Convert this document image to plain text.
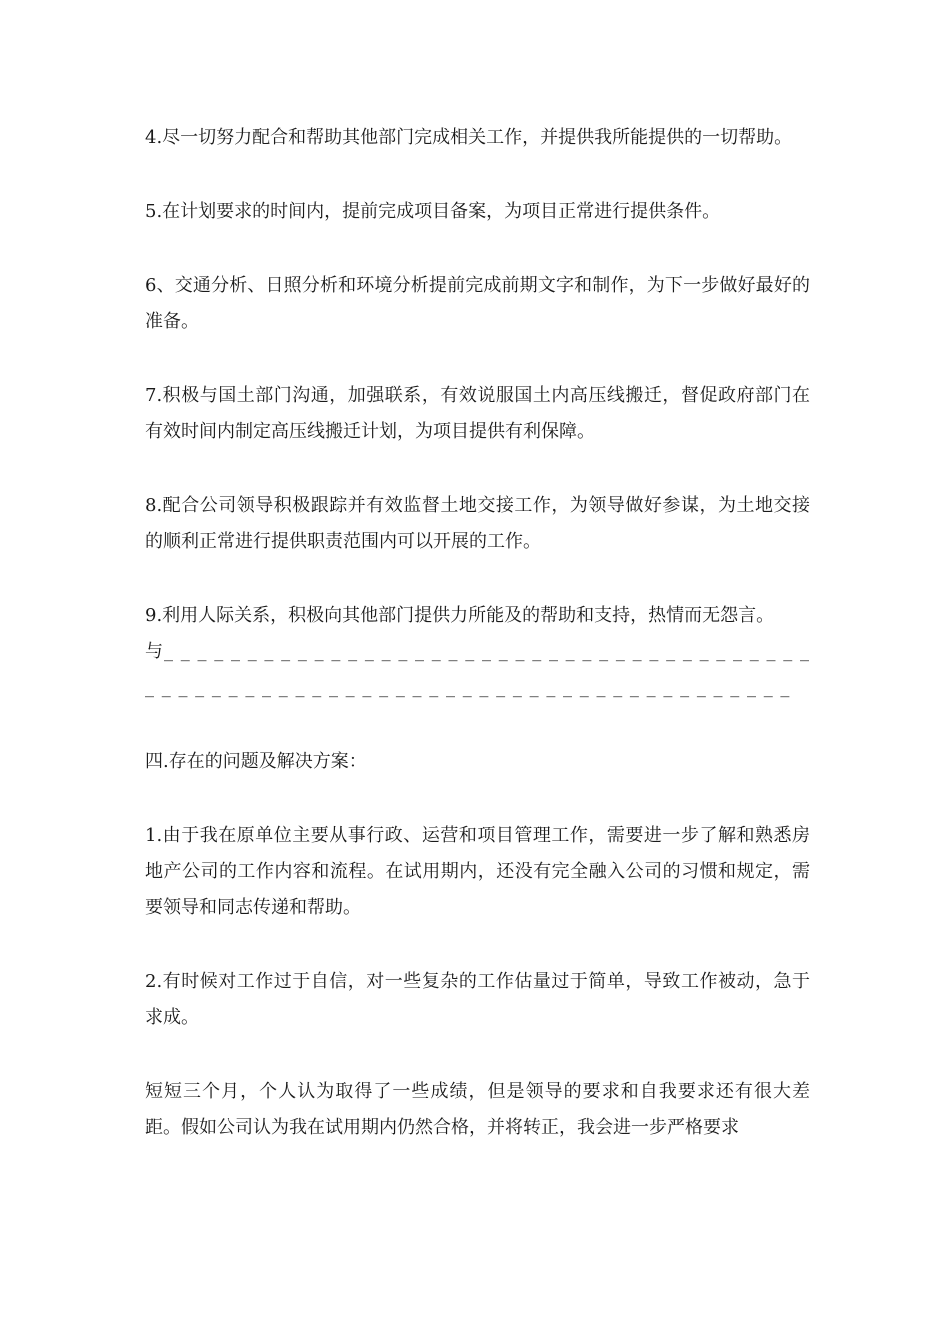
4.尽一切努力配合和帮助其他部门完成相关工作，并提供我所能提供的一切帮助。

5.在计划要求的时间内，提前完成项目备案，为项目正常进行提供条件。

6、交通分析、日照分析和环境分析提前完成前期文字和制作，为下一步做好最好的准备。

7.积极与国土部门沟通，加强联系，有效说服国土内高压线搬迁，督促政府部门在有效时间内制定高压线搬迁计划，为项目提供有利保障。

8.配合公司领导积极跟踪并有效监督土地交接工作，为领导做好参谋，为土地交接的顺利正常进行提供职责范围内可以开展的工作。

9.利用人际关系，积极向其他部门提供力所能及的帮助和支持，热情而无怨言。

与_ _ _ _ _ _ _ _ _ _ _ _ _ _ _ _ _ _ _ _ _ _ _ _ _ _ _ _ _ _ _ _ _ _ _ _ _ _ _ _ _ _ _ _ _ _ _ _ _ _ _ _ _ _ _ _ _ _ _ _ _ _ _ _ _ _ _ _ _ _ _ _ _ _ _ _ _ _

四.存在的问题及解决方案：

1.由于我在原单位主要从事行政、运营和项目管理工作，需要进一步了解和熟悉房地产公司的工作内容和流程。在试用期内，还没有完全融入公司的习惯和规定，需要领导和同志传递和帮助。

2.有时候对工作过于自信，对一些复杂的工作估量过于简单，导致工作被动，急于求成。

短短三个月，个人认为取得了一些成绩，但是领导的要求和自我要求还有很大差距。假如公司认为我在试用期内仍然合格，并将转正，我会进一步严格要求
